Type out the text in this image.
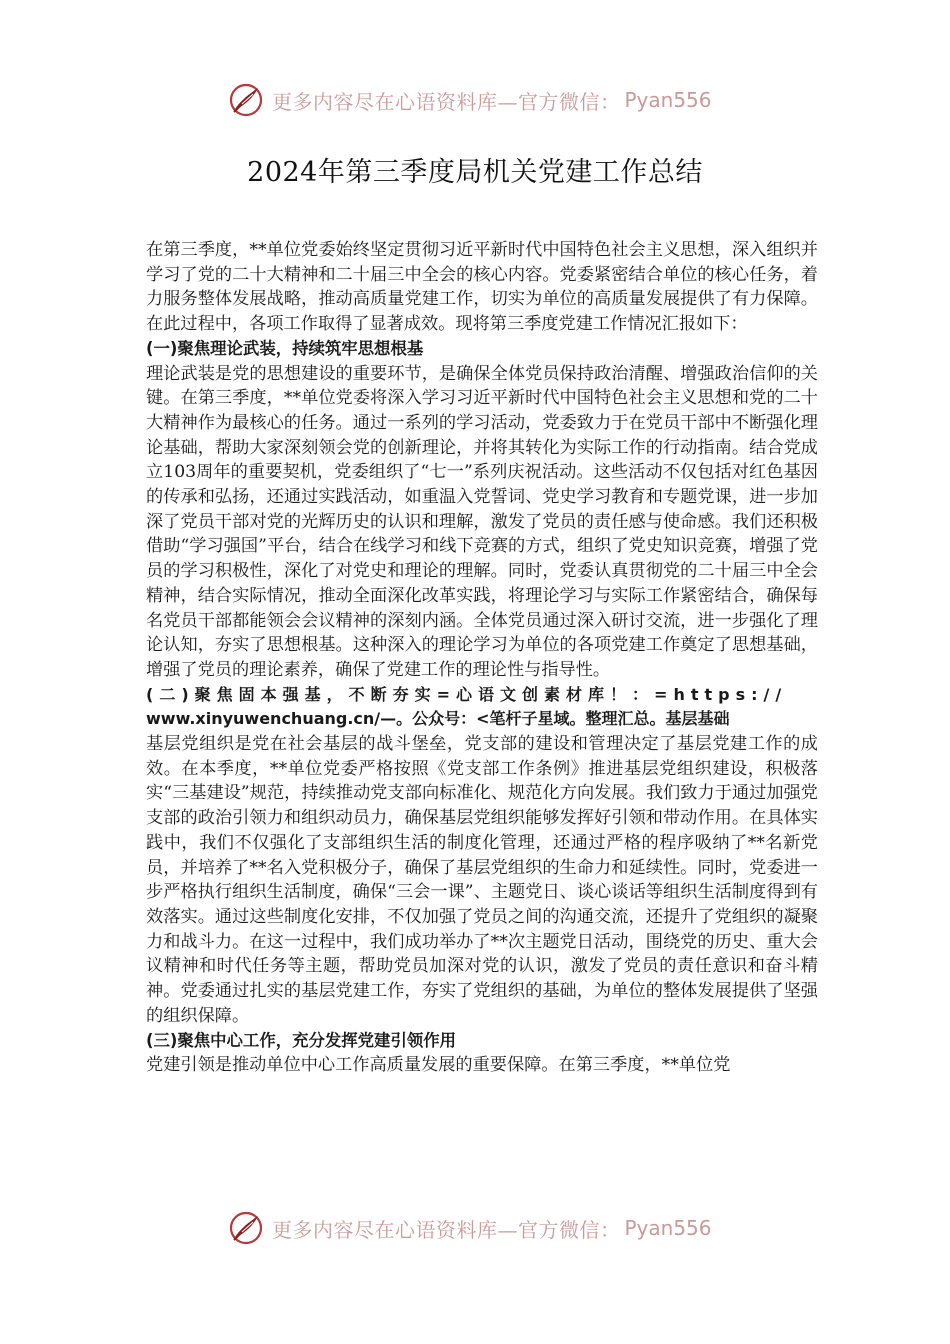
更多内容尽在心语资料库—官方微信： Pyan556
2024年第三季度局机关党建工作总结

在第三季度，**单位党委始终坚定贯彻习近平新时代中国特色社会主义思想，深入组织并学习了党的二十大精神和二十届三中全会的核心内容。党委紧密结合单位的核心任务，着力服务整体发展战略，推动高质量党建工作，切实为单位的高质量发展提供了有力保障。在此过程中，各项工作取得了显著成效。现将第三季度党建工作情况汇报如下：

(一)聚焦理论武装，持续筑牢思想根基

理论武装是党的思想建设的重要环节，是确保全体党员保持政治清醒、增强政治信仰的关键。在第三季度，**单位党委将深入学习习近平新时代中国特色社会主义思想和党的二十大精神作为最核心的任务。通过一系列的学习活动，党委致力于在党员干部中不断强化理论基础，帮助大家深刻领会党的创新理论，并将其转化为实际工作的行动指南。结合党成立103周年的重要契机，党委组织了“七一”系列庆祝活动。这些活动不仅包括对红色基因的传承和弘扬，还通过实践活动，如重温入党誓词、党史学习教育和专题党课，进一步加深了党员干部对党的光辉历史的认识和理解，激发了党员的责任感与使命感。我们还积极借助“学习强国”平台，结合在线学习和线下竞赛的方式，组织了党史知识竞赛，增强了党员的学习积极性，深化了对党史和理论的理解。同时，党委认真贯彻党的二十届三中全会精神，结合实际情况，推动全面深化改革实践，将理论学习与实际工作紧密结合，确保每名党员干部都能领会会议精神的深刻内涵。全体党员通过深入研讨交流，进一步强化了理论认知，夯实了思想根基。这种深入的理论学习为单位的各项党建工作奠定了思想基础，增强了党员的理论素养，确保了党建工作的理论性与指导性。

(二)聚焦固本强基，不断夯实=心语文创素材库！：=https://

www.xinyuwenchuang.cn/—。公众号：<笔杆子星域。整理汇总。基层基础

基层党组织是党在社会基层的战斗堡垒，党支部的建设和管理决定了基层党建工作的成效。在本季度，**单位党委严格按照《党支部工作条例》推进基层党组织建设，积极落实“三基建设”规范，持续推动党支部向标准化、规范化方向发展。我们致力于通过加强党支部的政治引领力和组织动员力，确保基层党组织能够发挥好引领和带动作用。在具体实践中，我们不仅强化了支部组织生活的制度化管理，还通过严格的程序吸纳了**名新党员，并培养了**名入党积极分子，确保了基层党组织的生命力和延续性。同时，党委进一步严格执行组织生活制度，确保“三会一课”、主题党日、谈心谈话等组织生活制度得到有效落实。通过这些制度化安排，不仅加强了党员之间的沟通交流，还提升了党组织的凝聚力和战斗力。在这一过程中，我们成功举办了**次主题党日活动，围绕党的历史、重大会议精神和时代任务等主题，帮助党员加深对党的认识，激发了党员的责任意识和奋斗精神。党委通过扎实的基层党建工作，夯实了党组织的基础，为单位的整体发展提供了坚强的组织保障。

(三)聚焦中心工作，充分发挥党建引领作用

党建引领是推动单位中心工作高质量发展的重要保障。在第三季度，**单位党

更多内容尽在心语资料库—官方微信： Pyan556
